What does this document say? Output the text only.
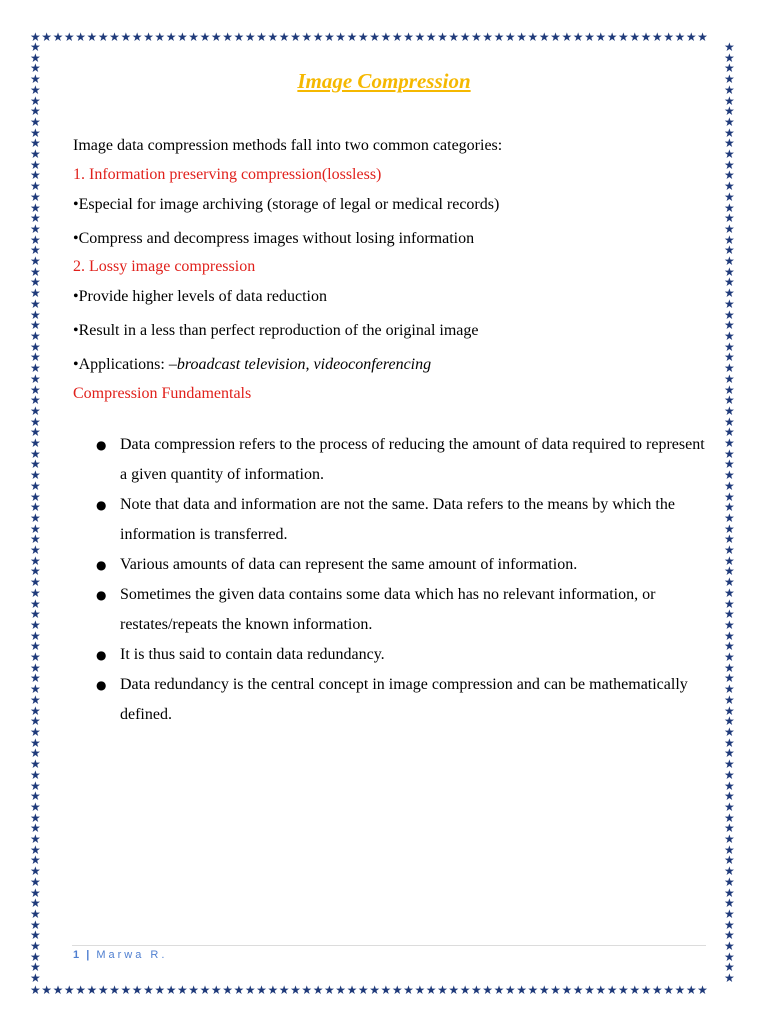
★★★★★★★★★★★★★★★★★★★★★★★★★★★★★★★★★★★★★★★★★★★★★★★★★★★★★★★★★★★★
★★★★★★★★★★★★★★★★★★★★★★★★★★★★★★★★★★★★★★★★★★★★★★★★★★★★★★★★★★★★
★★★★★★★★★★★★★★★★★★★★★★★★★★★★★★★★★★★★★★★★★★★★★★★★★★★★★★★★★★★★★★★★★★★★★★★★★★★★★★★★★★★★★★★★
★★★★★★★★★★★★★★★★★★★★★★★★★★★★★★★★★★★★★★★★★★★★★★★★★★★★★★★★★★★★★★★★★★★★★★★★★★★★★★★★★★★★★★★★
Image Compression
Image data compression methods fall into two common categories:
1. Information preserving compression(lossless)
•Especial for image archiving (storage of legal or medical records)
•Compress and decompress images without losing information
2. Lossy image compression
•Provide higher levels of data reduction
•Result in a less than perfect reproduction of the original image
•Applications: –broadcast television, videoconferencing
Compression Fundamentals
● Data compression refers to the process of reducing the amount of data required to represent a given quantity of information.
● Note that data and information are not the same. Data refers to the means by which the information is transferred.
● Various amounts of data can represent the same amount of information.
● Sometimes the given data contains some data which has no relevant information, or restates/repeats the known information.
● It is thus said to contain data redundancy.
● Data redundancy is the central concept in image compression and can be mathematically defined.
1 | Marwa R.
